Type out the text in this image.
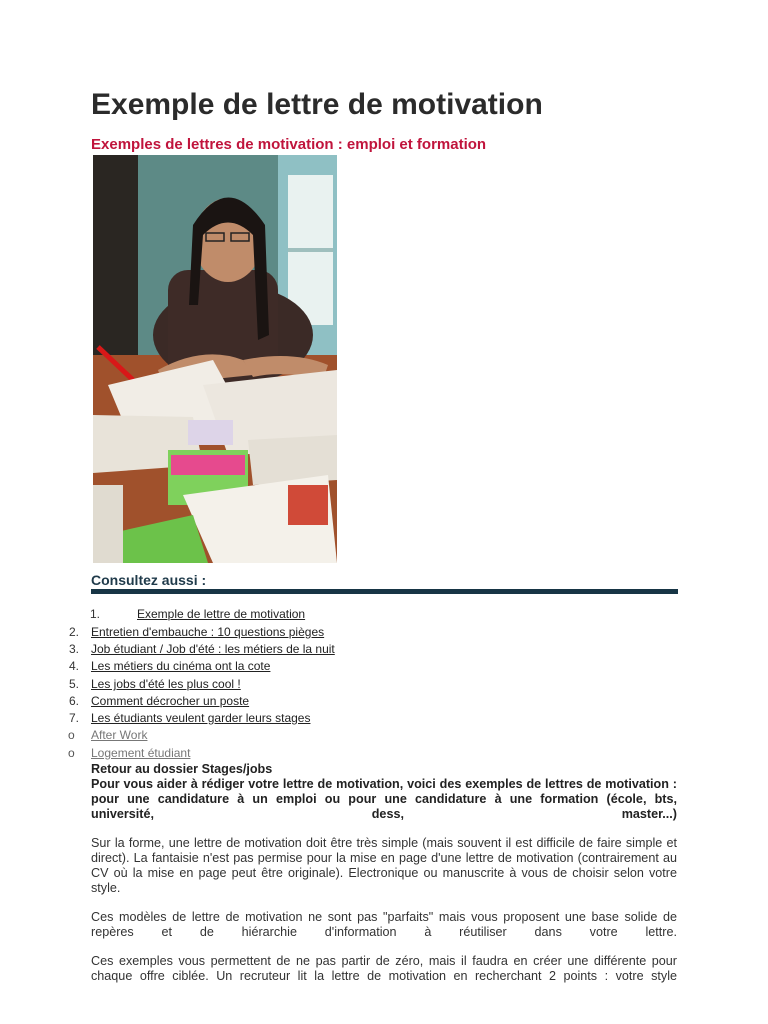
Exemple de lettre de motivation
Exemples de lettres de motivation : emploi et formation
Consultez aussi :
1.	Exemple de lettre de motivation
2. Entretien d'embauche : 10 questions pièges
3. Job étudiant / Job d'été : les métiers de la nuit
4. Les métiers du cinéma ont la cote
5. Les jobs d'été les plus cool !
6. Comment décrocher un poste
7. Les étudiants veulent garder leurs stages
o After Work
o Logement étudiant

Retour au dossier Stages/jobs

Pour vous aider à rédiger votre lettre de motivation, voici des exemples de lettres de motivation : pour une candidature à un emploi ou pour une candidature à une formation (école, bts, université, dess, master...)

Sur la forme, une lettre de motivation doit être très simple (mais souvent il est difficile de faire simple et direct). La fantaisie n'est pas permise pour la mise en page d'une lettre de motivation (contrairement au CV où la mise en page peut être originale). Electronique ou manuscrite à vous de choisir selon votre style.

Ces modèles de lettre de motivation ne sont pas "parfaits" mais vous proposent une base solide de repères et de hiérarchie d'information à réutiliser dans votre lettre.

Ces exemples vous permettent de ne pas partir de zéro, mais il faudra en créer une différente pour chaque offre ciblée. Un recruteur lit la lettre de motivation en recherchant 2 points : votre style
